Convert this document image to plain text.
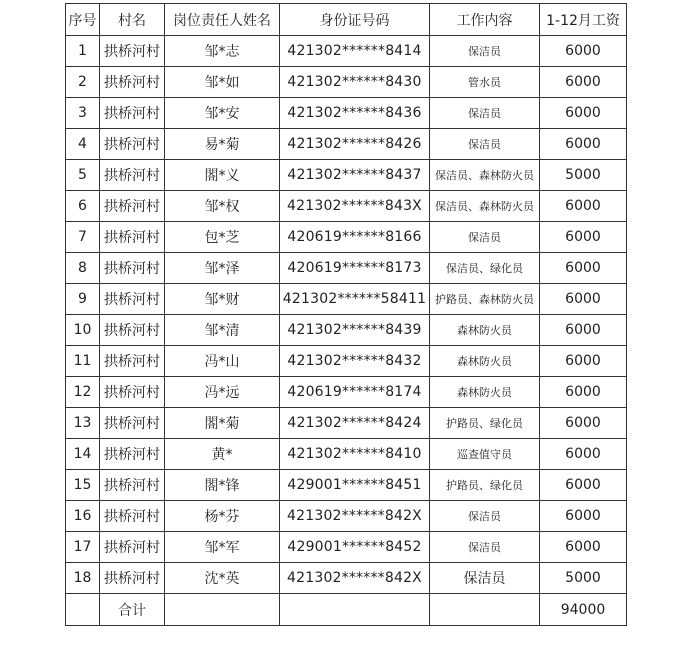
序号	村名	岗位责任人姓名	身份证号码	工作内容	1-12月工资
1	拱桥河村	邹*志	421302******8414	保洁员	6000
2	拱桥河村	邹*如	421302******8430	管水员	6000
3	拱桥河村	邹*安	421302******8436	保洁员	6000
4	拱桥河村	易*菊	421302******8426	保洁员	6000
5	拱桥河村	閤*义	421302******8437	保洁员、森林防火员	5000
6	拱桥河村	邹*权	421302******843X	保洁员、森林防火员	6000
7	拱桥河村	包*芝	420619******8166	保洁员	6000
8	拱桥河村	邹*泽	420619******8173	保洁员、绿化员	6000
9	拱桥河村	邹*财	421302******58411	护路员、森林防火员	6000
10	拱桥河村	邹*清	421302******8439	森林防火员	6000
11	拱桥河村	冯*山	421302******8432	森林防火员	6000
12	拱桥河村	冯*远	420619******8174	森林防火员	6000
13	拱桥河村	閤*菊	421302******8424	护路员、绿化员	6000
14	拱桥河村	黄*	421302******8410	巡查值守员	6000
15	拱桥河村	閤*锋	429001******8451	护路员、绿化员	6000
16	拱桥河村	杨*芬	421302******842X	保洁员	6000
17	拱桥河村	邹*军	429001******8452	保洁员	6000
18	拱桥河村	沈*英	421302******842X	保洁员	5000
	合计				94000
